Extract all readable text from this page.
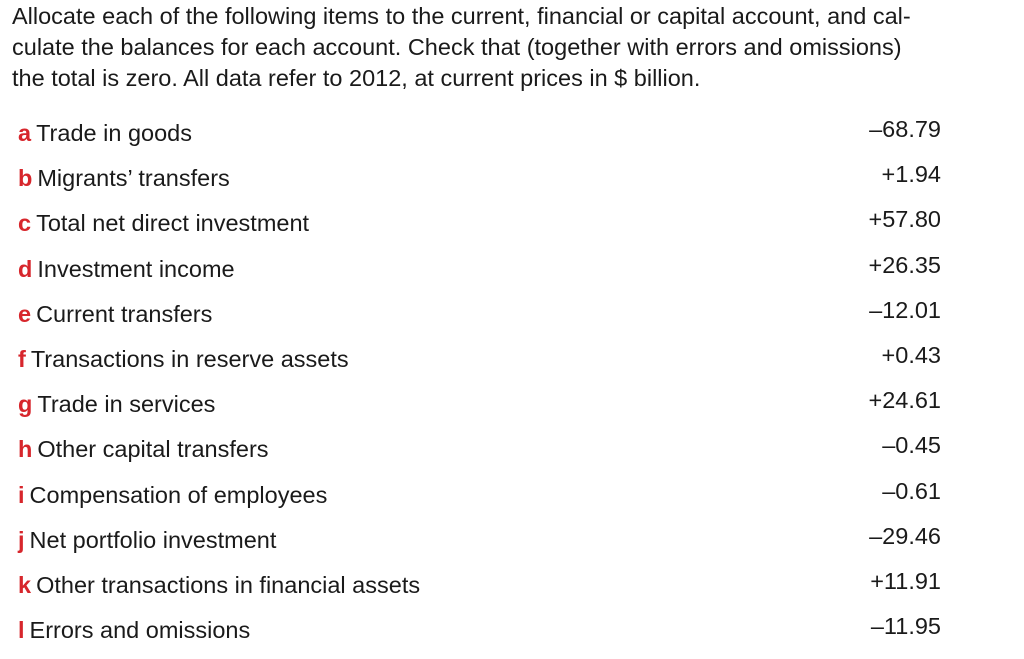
Allocate each of the following items to the current, financial or capital account, and cal-
culate the balances for each account. Check that (together with errors and omissions)
the total is zero. All data refer to 2012, at current prices in $ billion.

a Trade in goods	–68.79
b Migrants’ transfers	+1.94
c Total net direct investment	+57.80
d Investment income	+26.35
e Current transfers	–12.01
f Transactions in reserve assets	+0.43
g Trade in services	+24.61
h Other capital transfers	–0.45
i Compensation of employees	–0.61
j Net portfolio investment	–29.46
k Other transactions in financial assets	+11.91
l Errors and omissions	–11.95
